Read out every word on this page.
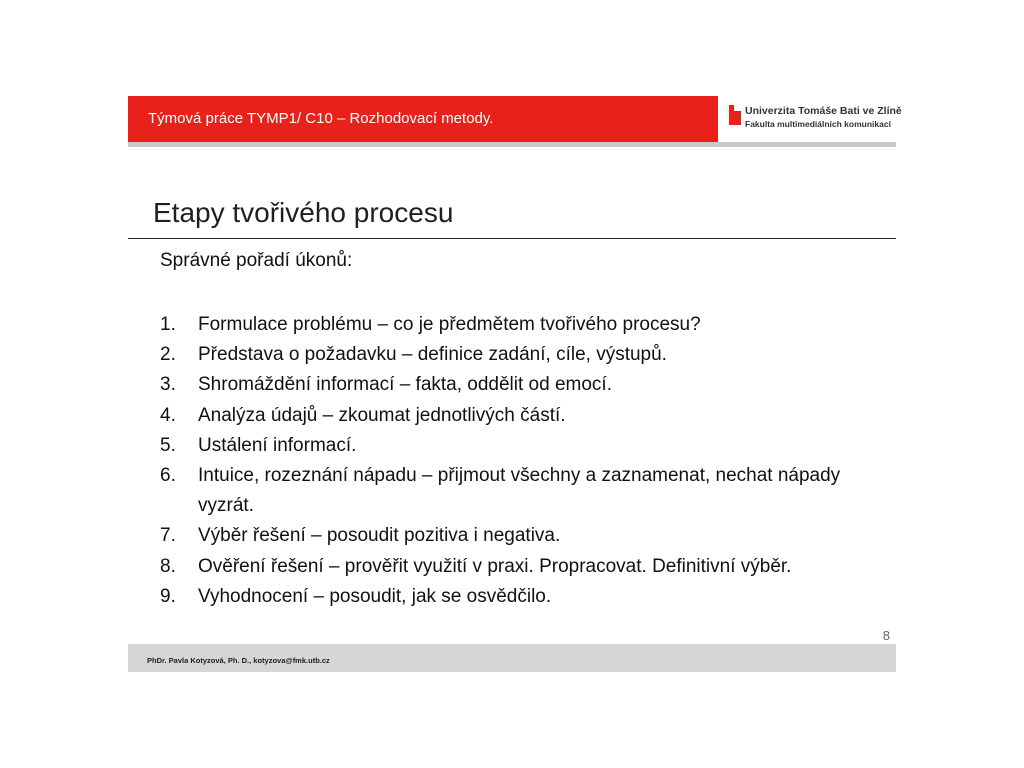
Týmová práce TYMP1/ C10 – Rozhodovací metody.	Univerzita Tomáše Bati ve Zlíně
Fakulta multimediálních komunikací
Etapy tvořivého procesu
Správné pořadí úkonů:
1.	Formulace problému – co je předmětem tvořivého procesu?
2.	Představa o požadavku – definice zadání, cíle, výstupů.
3.	Shromáždění informací – fakta, oddělit od emocí.
4.	Analýza údajů – zkoumat jednotlivých částí.
5.	Ustálení informací.
6.	Intuice, rozeznání nápadu – přijmout všechny a zaznamenat, nechat nápady vyzrát.
7.	Výběr řešení – posoudit pozitiva i negativa.
8.	Ověření řešení – prověřit využití v praxi. Propracovat. Definitivní výběr.
9.	Vyhodnocení – posoudit, jak se osvědčilo.
8
PhDr. Pavla Kotyzová, Ph. D., kotyzova@fmk.utb.cz
